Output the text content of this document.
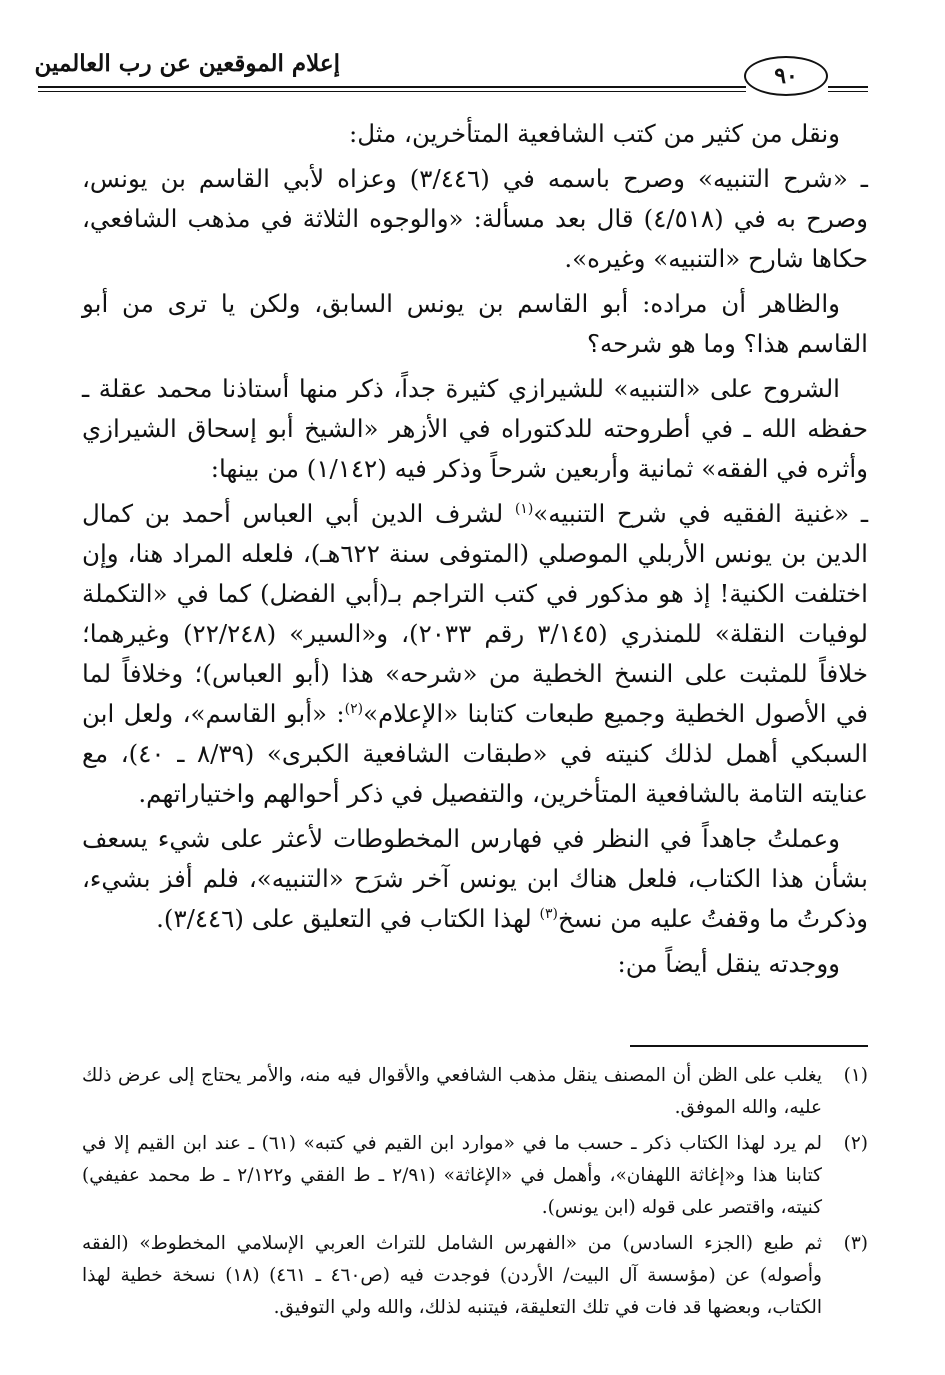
إعلام الموقعين عن رب العالمين	٩٠

ونقل من كثير من كتب الشافعية المتأخرين، مثل:

ـ «شرح التنبيه» وصرح باسمه في (٣/٤٤٦) وعزاه لأبي القاسم بن يونس، وصرح به في (٤/٥١٨) قال بعد مسألة: «والوجوه الثلاثة في مذهب الشافعي، حكاها شارح «التنبيه» وغيره».

والظاهر أن مراده: أبو القاسم بن يونس السابق، ولكن يا ترى من أبو القاسم هذا؟ وما هو شرحه؟

الشروح على «التنبيه» للشيرازي كثيرة جداً، ذكر منها أستاذنا محمد عقلة ـ حفظه الله ـ في أطروحته للدكتوراه في الأزهر «الشيخ أبو إسحاق الشيرازي وأثره في الفقه» ثمانية وأربعين شرحاً وذكر فيه (١/١٤٢) من بينها:

ـ «غنية الفقيه في شرح التنبيه»$^{(١)}$ لشرف الدين أبي العباس أحمد بن كمال الدين بن يونس الأربلي الموصلي (المتوفى سنة ٦٢٢هـ)، فلعله المراد هنا، وإن اختلفت الكنية! إذ هو مذكور في كتب التراجم بـ(أبي الفضل) كما في «التكملة لوفيات النقلة» للمنذري (٣/١٤٥ رقم ٢٠٣٣)، و«السير» (٢٢/٢٤٨) وغيرهما؛ خلافاً للمثبت على النسخ الخطية من «شرحه» هذا (أبو العباس)؛ وخلافاً لما في الأصول الخطية وجميع طبعات كتابنا «الإعلام»$^{(٢)}$: «أبو القاسم»، ولعل ابن السبكي أهمل لذلك كنيته في «طبقات الشافعية الكبرى» (٨/٣٩ ـ ٤٠)، مع عنايته التامة بالشافعية المتأخرين، والتفصيل في ذكر أحوالهم واختياراتهم.

وعملتُ جاهداً في النظر في فهارس المخطوطات لأعثر على شيء يسعف بشأن هذا الكتاب، فلعل هناك ابن يونس آخر شرَح «التنبيه»، فلم أفز بشيء، وذكرتُ ما وقفتُ عليه من نسخ$^{(٣)}$ لهذا الكتاب في التعليق على (٣/٤٤٦).

ووجدته ينقل أيضاً من:

(١)
يغلب على الظن أن المصنف ينقل مذهب الشافعي والأقوال فيه منه، والأمر يحتاج إلى عرض ذلك عليه، والله الموفق.
(٢)
لم يرد لهذا الكتاب ذكر ـ حسب ما في «موارد ابن القيم في كتبه» (٦١) ـ عند ابن القيم إلا في كتابنا هذا و«إغاثة اللهفان»، وأهمل في «الإغاثة» (٢/٩١ ـ ط الفقي و٢/١٢٢ ـ ط محمد عفيفي) كنيته، واقتصر على قوله (ابن يونس).
(٣)
ثم طبع (الجزء السادس) من «الفهرس الشامل للتراث العربي الإسلامي المخطوط» (الفقه وأصوله) عن (مؤسسة آل البيت/ الأردن) فوجدت فيه (ص٤٦٠ ـ ٤٦١) (١٨) نسخة خطية لهذا الكتاب، وبعضها قد فات في تلك التعليقة، فيتنبه لذلك، والله ولي التوفيق.
